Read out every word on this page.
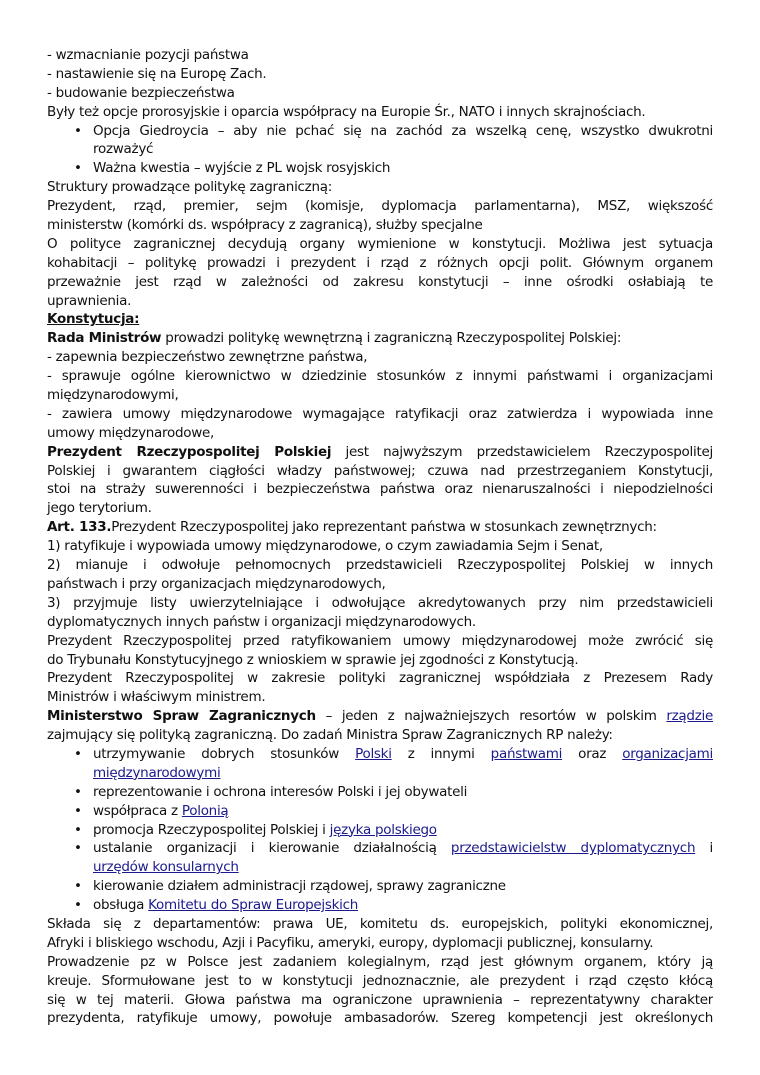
- wzmacnianie pozycji państwa
- nastawienie się na Europę Zach.
- budowanie bezpieczeństwa
Były też opcje prorosyjskie i oparcia współpracy na Europie Śr., NATO i innych skrajnościach.
• Opcja Giedroycia – aby nie pchać się na zachód za wszelką cenę, wszystko dwukrotni
rozważyć
• Ważna kwestia – wyjście z PL wojsk rosyjskich
Struktury prowadzące politykę zagraniczną:
Prezydent, rząd, premier, sejm (komisje, dyplomacja parlamentarna), MSZ, większość
ministerstw (komórki ds. współpracy z zagranicą), służby specjalne
O polityce zagranicznej decydują organy wymienione w konstytucji. Możliwa jest sytuacja
kohabitacji – politykę prowadzi i prezydent i rząd z różnych opcji polit. Głównym organem
przeważnie jest rząd w zależności od zakresu konstytucji – inne ośrodki osłabiają te
uprawnienia.
Konstytucja:
Rada Ministrów prowadzi politykę wewnętrzną i zagraniczną Rzeczypospolitej Polskiej:
- zapewnia bezpieczeństwo zewnętrzne państwa,
- sprawuje ogólne kierownictwo w dziedzinie stosunków z innymi państwami i organizacjami
międzynarodowymi,
- zawiera umowy międzynarodowe wymagające ratyfikacji oraz zatwierdza i wypowiada inne
umowy międzynarodowe,
Prezydent Rzeczypospolitej Polskiej jest najwyższym przedstawicielem Rzeczypospolitej
Polskiej i gwarantem ciągłości władzy państwowej; czuwa nad przestrzeganiem Konstytucji,
stoi na straży suwerenności i bezpieczeństwa państwa oraz nienaruszalności i niepodzielności
jego terytorium.
Art. 133.Prezydent Rzeczypospolitej jako reprezentant państwa w stosunkach zewnętrznych:
1) ratyfikuje i wypowiada umowy międzynarodowe, o czym zawiadamia Sejm i Senat,
2) mianuje i odwołuje pełnomocnych przedstawicieli Rzeczypospolitej Polskiej w innych
państwach i przy organizacjach międzynarodowych,
3) przyjmuje listy uwierzytelniające i odwołujące akredytowanych przy nim przedstawicieli
dyplomatycznych innych państw i organizacji międzynarodowych.
Prezydent Rzeczypospolitej przed ratyfikowaniem umowy międzynarodowej może zwrócić się
do Trybunału Konstytucyjnego z wnioskiem w sprawie jej zgodności z Konstytucją.
Prezydent Rzeczypospolitej w zakresie polityki zagranicznej współdziała z Prezesem Rady
Ministrów i właściwym ministrem.
Ministerstwo Spraw Zagranicznych – jeden z najważniejszych resortów w polskim rządzie
zajmujący się polityką zagraniczną. Do zadań Ministra Spraw Zagranicznych RP należy:
• utrzymywanie dobrych stosunków Polski z innymi państwami oraz organizacjami
międzynarodowymi
• reprezentowanie i ochrona interesów Polski i jej obywateli
• współpraca z Polonią
• promocja Rzeczypospolitej Polskiej i języka polskiego
• ustalanie organizacji i kierowanie działalnością przedstawicielstw dyplomatycznych i
urzędów konsularnych
• kierowanie działem administracji rządowej, sprawy zagraniczne
• obsługa Komitetu do Spraw Europejskich
Składa się z departamentów: prawa UE, komitetu ds. europejskich, polityki ekonomicznej,
Afryki i bliskiego wschodu, Azji i Pacyfiku, ameryki, europy, dyplomacji publicznej, konsularny.
Prowadzenie pz w Polsce jest zadaniem kolegialnym, rząd jest głównym organem, który ją
kreuje. Sformułowane jest to w konstytucji jednoznacznie, ale prezydent i rząd często kłócą
się w tej materii. Głowa państwa ma ograniczone uprawnienia – reprezentatywny charakter
prezydenta, ratyfikuje umowy, powołuje ambasadorów. Szereg kompetencji jest określonych
